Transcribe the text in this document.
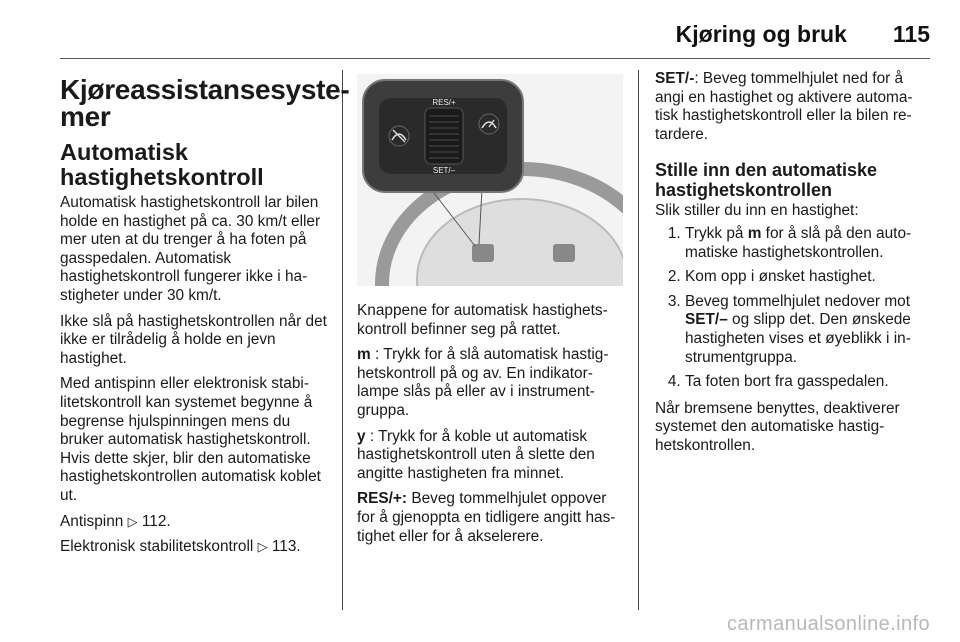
Kjøring og bruk 115
Kjøreassistansesyste-
mer
Automatisk
hastighetskontroll

Automatisk hastighetskontroll lar bilen holde en hastighet på ca. 30 km/t eller mer uten at du trenger å ha foten på gasspedalen. Automatisk hastighetskontroll fungerer ikke i hastigheter under 30 km/t.

Ikke slå på hastighetskontrollen når det ikke er tilrådelig å holde en jevn hastighet.

Med antispinn eller elektronisk stabilitetskontroll kan systemet begynne å begrense hjulspinningen mens du bruker automatisk hastighetskontroll. Hvis dette skjer, blir den automatiske hastighetskontrollen automatisk koblet ut.

Antispinn ▷ 112.

Elektronisk stabilitetskontroll ▷ 113.

RES/+
SET/–

Knappene for automatisk hastighetskontroll befinner seg på rattet.

m : Trykk for å slå automatisk hastighetskontroll på og av. En indikatorlampe slås på eller av i instrumentgruppa.

y : Trykk for å koble ut automatisk hastighetskontroll uten å slette den angitte hastigheten fra minnet.

RES/+: Beveg tommelhjulet oppover for å gjenoppta en tidligere angitt hastighet eller for å akselerere.

SET/-: Beveg tommelhjulet ned for å angi en hastighet og aktivere automatisk hastighetskontroll eller la bilen retardere.

Stille inn den automatiske
hastighetskontrollen

Slik stiller du inn en hastighet:

1. Trykk på m for å slå på den automatiske hastighetskontrollen.
2. Kom opp i ønsket hastighet.
3. Beveg tommelhjulet nedover mot SET/– og slipp det. Den ønskede hastigheten vises et øyeblikk i instrumentgruppa.
4. Ta foten bort fra gasspedalen.

Når bremsene benyttes, deaktiverer systemet den automatiske hastighetskontrollen.

carmanualsonline.info
